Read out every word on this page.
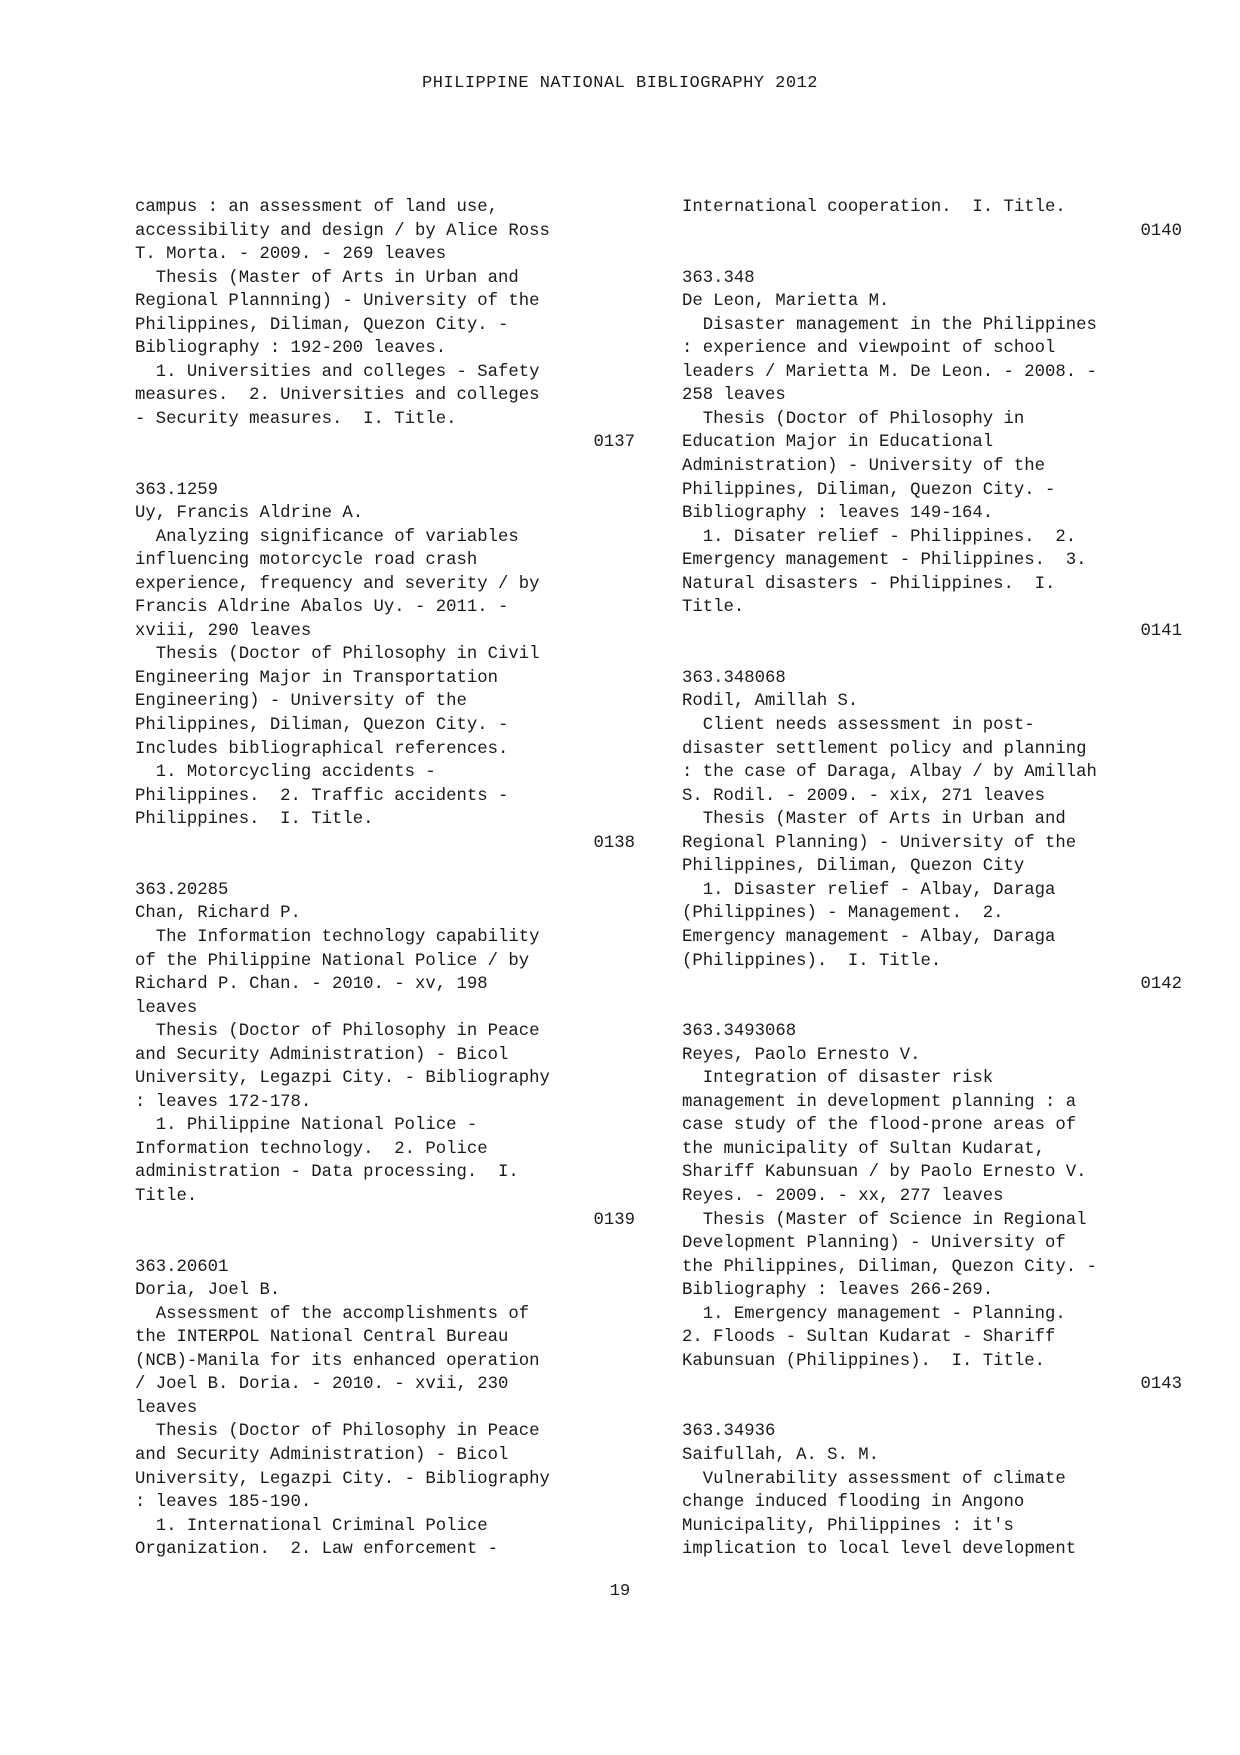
PHILIPPINE NATIONAL BIBLIOGRAPHY 2012
campus : an assessment of land use,
accessibility and design / by Alice Ross
T. Morta. - 2009. - 269 leaves
Thesis (Master of Arts in Urban and
Regional Plannning) - University of the
Philippines, Diliman, Quezon City. -
Bibliography : 192-200 leaves.
1. Universities and colleges - Safety
measures.  2. Universities and colleges
- Security measures.  I. Title.
0137
363.1259
Uy, Francis Aldrine A.
Analyzing significance of variables
influencing motorcycle road crash
experience, frequency and severity / by
Francis Aldrine Abalos Uy. - 2011. -
xviii, 290 leaves
Thesis (Doctor of Philosophy in Civil
Engineering Major in Transportation
Engineering) - University of the
Philippines, Diliman, Quezon City. -
Includes bibliographical references.
1. Motorcycling accidents -
Philippines.  2. Traffic accidents -
Philippines.  I. Title.
0138
363.20285
Chan, Richard P.
The Information technology capability
of the Philippine National Police / by
Richard P. Chan. - 2010. - xv, 198
leaves
Thesis (Doctor of Philosophy in Peace
and Security Administration) - Bicol
University, Legazpi City. - Bibliography
: leaves 172-178.
1. Philippine National Police -
Information technology.  2. Police
administration - Data processing.  I.
Title.
0139
363.20601
Doria, Joel B.
Assessment of the accomplishments of
the INTERPOL National Central Bureau
(NCB)-Manila for its enhanced operation
/ Joel B. Doria. - 2010. - xvii, 230
leaves
Thesis (Doctor of Philosophy in Peace
and Security Administration) - Bicol
University, Legazpi City. - Bibliography
: leaves 185-190.
1. International Criminal Police
Organization.  2. Law enforcement -
International cooperation.  I. Title.
0140
363.348
De Leon, Marietta M.
Disaster management in the Philippines
: experience and viewpoint of school
leaders / Marietta M. De Leon. - 2008. -
258 leaves
Thesis (Doctor of Philosophy in
Education Major in Educational
Administration) - University of the
Philippines, Diliman, Quezon City. -
Bibliography : leaves 149-164.
1. Disater relief - Philippines.  2.
Emergency management - Philippines.  3.
Natural disasters - Philippines.  I.
Title.
0141
363.348068
Rodil, Amillah S.
Client needs assessment in post-
disaster settlement policy and planning
: the case of Daraga, Albay / by Amillah
S. Rodil. - 2009. - xix, 271 leaves
Thesis (Master of Arts in Urban and
Regional Planning) - University of the
Philippines, Diliman, Quezon City
1. Disaster relief - Albay, Daraga
(Philippines) - Management.  2.
Emergency management - Albay, Daraga
(Philippines).  I. Title.
0142
363.3493068
Reyes, Paolo Ernesto V.
Integration of disaster risk
management in development planning : a
case study of the flood-prone areas of
the municipality of Sultan Kudarat,
Shariff Kabunsuan / by Paolo Ernesto V.
Reyes. - 2009. - xx, 277 leaves
Thesis (Master of Science in Regional
Development Planning) - University of
the Philippines, Diliman, Quezon City. -
Bibliography : leaves 266-269.
1. Emergency management - Planning.
2. Floods - Sultan Kudarat - Shariff
Kabunsuan (Philippines).  I. Title.
0143
363.34936
Saifullah, A. S. M.
Vulnerability assessment of climate
change induced flooding in Angono
Municipality, Philippines : it's
implication to local level development
19
